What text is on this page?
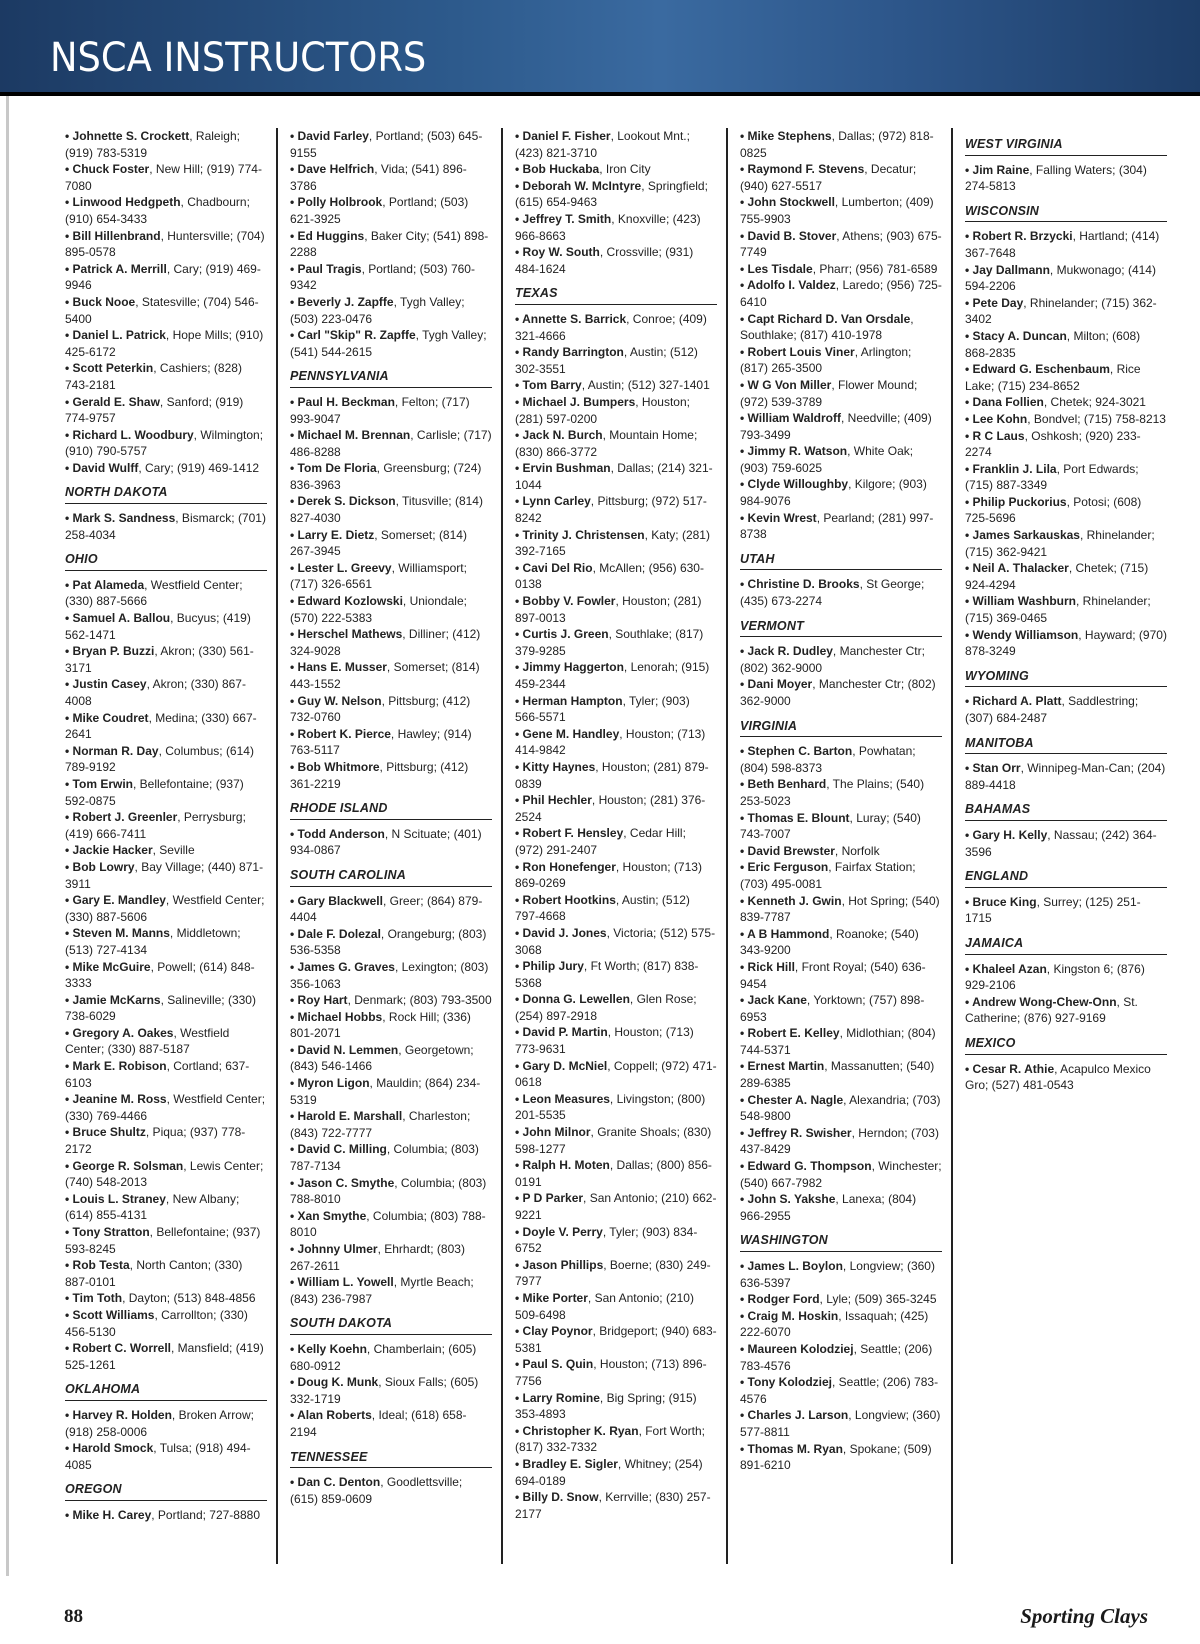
NSCA INSTRUCTORS
• Johnette S. Crockett, Raleigh; (919) 783-5319
• Chuck Foster, New Hill; (919) 774-7080
• Linwood Hedgpeth, Chadbourn; (910) 654-3433
• Bill Hillenbrand, Huntersville; (704) 895-0578
• Patrick A. Merrill, Cary; (919) 469-9946
• Buck Nooe, Statesville; (704) 546-5400
• Daniel L. Patrick, Hope Mills; (910) 425-6172
• Scott Peterkin, Cashiers; (828) 743-2181
• Gerald E. Shaw, Sanford; (919) 774-9757
• Richard L. Woodbury, Wilmington; (910) 790-5757
• David Wulff, Cary; (919) 469-1412
NORTH DAKOTA
• Mark S. Sandness, Bismarck; (701) 258-4034
OHIO
• Pat Alameda, Westfield Center; (330) 887-5666
• Samuel A. Ballou, Bucyus; (419) 562-1471
• Bryan P. Buzzi, Akron; (330) 561-3171
• Justin Casey, Akron; (330) 867-4008
• Mike Coudret, Medina; (330) 667-2641
• Norman R. Day, Columbus; (614) 789-9192
• Tom Erwin, Bellefontaine; (937) 592-0875
• Robert J. Greenler, Perrysburg; (419) 666-7411
• Jackie Hacker, Seville
• Bob Lowry, Bay Village; (440) 871-3911
• Gary E. Mandley, Westfield Center; (330) 887-5606
• Steven M. Manns, Middletown; (513) 727-4134
• Mike McGuire, Powell; (614) 848-3333
• Jamie McKarns, Salineville; (330) 738-6029
• Gregory A. Oakes, Westfield Center; (330) 887-5187
• Mark E. Robison, Cortland; 637-6103
• Jeanine M. Ross, Westfield Center; (330) 769-4466
• Bruce Shultz, Piqua; (937) 778-2172
• George R. Solsman, Lewis Center; (740) 548-2013
• Louis L. Straney, New Albany; (614) 855-4131
• Tony Stratton, Bellefontaine; (937) 593-8245
• Rob Testa, North Canton; (330) 887-0101
• Tim Toth, Dayton; (513) 848-4856
• Scott Williams, Carrollton; (330) 456-5130
• Robert C. Worrell, Mansfield; (419) 525-1261
OKLAHOMA
• Harvey R. Holden, Broken Arrow; (918) 258-0006
• Harold Smock, Tulsa; (918) 494-4085
OREGON
• Mike H. Carey, Portland; 727-8880
• David Farley, Portland; (503) 645-9155
• Dave Helfrich, Vida; (541) 896-3786
• Polly Holbrook, Portland; (503) 621-3925
• Ed Huggins, Baker City; (541) 898-2288
• Paul Tragis, Portland; (503) 760-9342
• Beverly J. Zapffe, Tygh Valley; (503) 223-0476
• Carl "Skip" R. Zapffe, Tygh Valley; (541) 544-2615
PENNSYLVANIA
• Paul H. Beckman, Felton; (717) 993-9047
• Michael M. Brennan, Carlisle; (717) 486-8288
• Tom De Floria, Greensburg; (724) 836-3963
• Derek S. Dickson, Titusville; (814) 827-4030
• Larry E. Dietz, Somerset; (814) 267-3945
• Lester L. Greevy, Williamsport; (717) 326-6561
• Edward Kozlowski, Uniondale; (570) 222-5383
• Herschel Mathews, Dilliner; (412) 324-9028
• Hans E. Musser, Somerset; (814) 443-1552
• Guy W. Nelson, Pittsburg; (412) 732-0760
• Robert K. Pierce, Hawley; (914) 763-5117
• Bob Whitmore, Pittsburg; (412) 361-2219
RHODE ISLAND
• Todd Anderson, N Scituate; (401) 934-0867
SOUTH CAROLINA
• Gary Blackwell, Greer; (864) 879-4404
• Dale F. Dolezal, Orangeburg; (803) 536-5358
• James G. Graves, Lexington; (803) 356-1063
• Roy Hart, Denmark; (803) 793-3500
• Michael Hobbs, Rock Hill; (336) 801-2071
• David N. Lemmen, Georgetown; (843) 546-1466
• Myron Ligon, Mauldin; (864) 234-5319
• Harold E. Marshall, Charleston; (843) 722-7777
• David C. Milling, Columbia; (803) 787-7134
• Jason C. Smythe, Columbia; (803) 788-8010
• Xan Smythe, Columbia; (803) 788-8010
• Johnny Ulmer, Ehrhardt; (803) 267-2611
• William L. Yowell, Myrtle Beach; (843) 236-7987
SOUTH DAKOTA
• Kelly Koehn, Chamberlain; (605) 680-0912
• Doug K. Munk, Sioux Falls; (605) 332-1719
• Alan Roberts, Ideal; (618) 658-2194
TENNESSEE
• Dan C. Denton, Goodlettsville; (615) 859-0609
• Daniel F. Fisher, Lookout Mnt.; (423) 821-3710
• Bob Huckaba, Iron City
• Deborah W. McIntyre, Springfield; (615) 654-9463
• Jeffrey T. Smith, Knoxville; (423) 966-8663
• Roy W. South, Crossville; (931) 484-1624
TEXAS
• Annette S. Barrick, Conroe; (409) 321-4666
• Randy Barrington, Austin; (512) 302-3551
• Tom Barry, Austin; (512) 327-1401
• Michael J. Bumpers, Houston; (281) 597-0200
• Jack N. Burch, Mountain Home; (830) 866-3772
• Ervin Bushman, Dallas; (214) 321-1044
• Lynn Carley, Pittsburg; (972) 517-8242
• Trinity J. Christensen, Katy; (281) 392-7165
• Cavi Del Rio, McAllen; (956) 630-0138
• Bobby V. Fowler, Houston; (281) 897-0013
• Curtis J. Green, Southlake; (817) 379-9285
• Jimmy Haggerton, Lenorah; (915) 459-2344
• Herman Hampton, Tyler; (903) 566-5571
• Gene M. Handley, Houston; (713) 414-9842
• Kitty Haynes, Houston; (281) 879-0839
• Phil Hechler, Houston; (281) 376-2524
• Robert F. Hensley, Cedar Hill; (972) 291-2407
• Ron Honefenger, Houston; (713) 869-0269
• Robert Hootkins, Austin; (512) 797-4668
• David J. Jones, Victoria; (512) 575-3068
• Philip Jury, Ft Worth; (817) 838-5368
• Donna G. Lewellen, Glen Rose; (254) 897-2918
• David P. Martin, Houston; (713) 773-9631
• Gary D. McNiel, Coppell; (972) 471-0618
• Leon Measures, Livingston; (800) 201-5535
• John Milnor, Granite Shoals; (830) 598-1277
• Ralph H. Moten, Dallas; (800) 856-0191
• P D Parker, San Antonio; (210) 662-9221
• Doyle V. Perry, Tyler; (903) 834-6752
• Jason Phillips, Boerne; (830) 249-7977
• Mike Porter, San Antonio; (210) 509-6498
• Clay Poynor, Bridgeport; (940) 683-5381
• Paul S. Quin, Houston; (713) 896-7756
• Larry Romine, Big Spring; (915) 353-4893
• Christopher K. Ryan, Fort Worth; (817) 332-7332
• Bradley E. Sigler, Whitney; (254) 694-0189
• Billy D. Snow, Kerrville; (830) 257-2177
• Mike Stephens, Dallas; (972) 818-0825
• Raymond F. Stevens, Decatur; (940) 627-5517
• John Stockwell, Lumberton; (409) 755-9903
• David B. Stover, Athens; (903) 675-7749
• Les Tisdale, Pharr; (956) 781-6589
• Adolfo I. Valdez, Laredo; (956) 725-6410
• Capt Richard D. Van Orsdale, Southlake; (817) 410-1978
• Robert Louis Viner, Arlington; (817) 265-3500
• W G Von Miller, Flower Mound; (972) 539-3789
• William Waldroff, Needville; (409) 793-3499
• Jimmy R. Watson, White Oak; (903) 759-6025
• Clyde Willoughby, Kilgore; (903) 984-9076
• Kevin Wrest, Pearland; (281) 997-8738
UTAH
• Christine D. Brooks, St George; (435) 673-2274
VERMONT
• Jack R. Dudley, Manchester Ctr; (802) 362-9000
• Dani Moyer, Manchester Ctr; (802) 362-9000
VIRGINIA
• Stephen C. Barton, Powhatan; (804) 598-8373
• Beth Benhard, The Plains; (540) 253-5023
• Thomas E. Blount, Luray; (540) 743-7007
• David Brewster, Norfolk
• Eric Ferguson, Fairfax Station; (703) 495-0081
• Kenneth J. Gwin, Hot Spring; (540) 839-7787
• A B Hammond, Roanoke; (540) 343-9200
• Rick Hill, Front Royal; (540) 636-9454
• Jack Kane, Yorktown; (757) 898-6953
• Robert E. Kelley, Midlothian; (804) 744-5371
• Ernest Martin, Massanutten; (540) 289-6385
• Chester A. Nagle, Alexandria; (703) 548-9800
• Jeffrey R. Swisher, Herndon; (703) 437-8429
• Edward G. Thompson, Winchester; (540) 667-7982
• John S. Yakshe, Lanexa; (804) 966-2955
WASHINGTON
• James L. Boylon, Longview; (360) 636-5397
• Rodger Ford, Lyle; (509) 365-3245
• Craig M. Hoskin, Issaquah; (425) 222-6070
• Maureen Kolodziej, Seattle; (206) 783-4576
• Tony Kolodziej, Seattle; (206) 783-4576
• Charles J. Larson, Longview; (360) 577-8811
• Thomas M. Ryan, Spokane; (509) 891-6210
WEST VIRGINIA
• Jim Raine, Falling Waters; (304) 274-5813
WISCONSIN
• Robert R. Brzycki, Hartland; (414) 367-7648
• Jay Dallmann, Mukwonago; (414) 594-2206
• Pete Day, Rhinelander; (715) 362-3402
• Stacy A. Duncan, Milton; (608) 868-2835
• Edward G. Eschenbaum, Rice Lake; (715) 234-8652
• Dana Follien, Chetek; 924-3021
• Lee Kohn, Bondvel; (715) 758-8213
• R C Laus, Oshkosh; (920) 233-2274
• Franklin J. Lila, Port Edwards; (715) 887-3349
• Philip Puckorius, Potosi; (608) 725-5696
• James Sarkauskas, Rhinelander; (715) 362-9421
• Neil A. Thalacker, Chetek; (715) 924-4294
• William Washburn, Rhinelander; (715) 369-0465
• Wendy Williamson, Hayward; (970) 878-3249
WYOMING
• Richard A. Platt, Saddlestring; (307) 684-2487
MANITOBA
• Stan Orr, Winnipeg-Man-Can; (204) 889-4418
BAHAMAS
• Gary H. Kelly, Nassau; (242) 364-3596
ENGLAND
• Bruce King, Surrey; (125) 251-1715
JAMAICA
• Khaleel Azan, Kingston 6; (876) 929-2106
• Andrew Wong-Chew-Onn, St. Catherine; (876) 927-9169
MEXICO
• Cesar R. Athie, Acapulco Mexico Gro; (527) 481-0543
88	Sporting Clays
